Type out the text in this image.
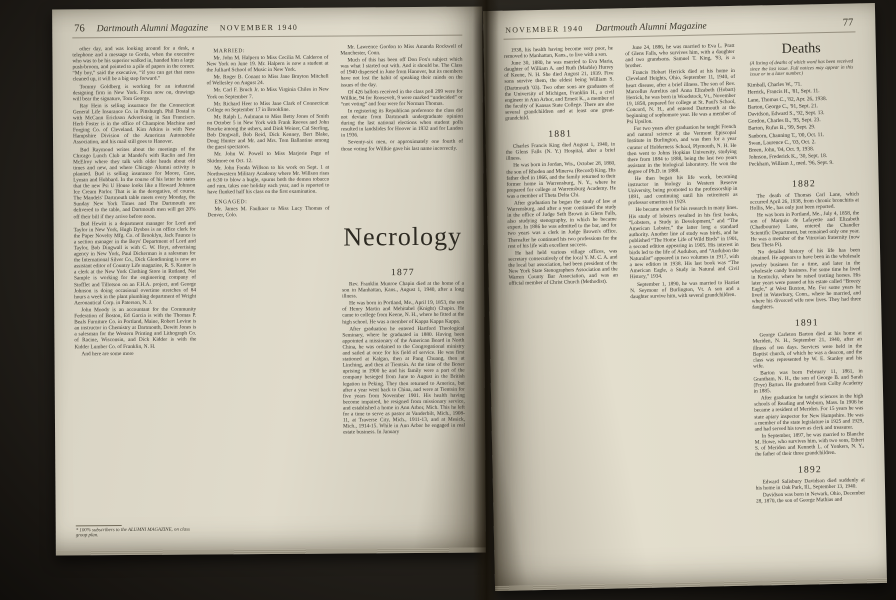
76 Dartmouth Alumni Magazine NOVEMBER 1940

other day, and was looking around for a desk, a telephone and a message to Gorda, when the executive who was to be his superior walked in, handed him a large push-broom, and pointed to a pile of papers in the corner. “My boy,” said the executive, “if you can get that mess cleaned up, it will be a big step forward.”

Tommy Goldberg is working for an industrial designing firm in New York. From now on, drawings will bear the signature, Tom George.

Ray Hein is selling insurance for the Connecticut General Life Insurance Co. in Pittsburgh. Phil Dostal is with McCann Erickson Advertising in San Francisco. Herb Foster is in the office of Champion Machine and Forging Co. of Cleveland. Kim Atkins is with New Hampshire Division of the American Automobile Association, and his mail still goes to Hanover.

Bud Raymond writes about the meetings of the Chicago Lunch Club at Mandel's with Raclin and Jim McElroy where they talk with older heads about old times and new, and where Chicago Alumni activity is planned. Bud is selling insurance for Moore, Case, Lyman and Hubbard. In the course of his letter he states that the new Psi U House looks like a Howard Johnson Ice Cream Parlor. That is in the derogative, of course. The Mandels' Dartmouth table meets every Monday, the Sunday New York Times and The Dartmouth are delivered to the table, and Dartmouth men will get 20% off their bill if they arrive before noon.

Bud Hewitt is a department manager for Lord and Taylor in New York, Hugh Dysbos is an office clerk for the Paper Novelty Mfg. Co. of Brooklyn, Jack Faunce is a section manager in the Boys' Department of Lord and Taylor, Bob Dingwall is with C. W. Hoyt, advertising agency in New York, Paul Dickerman is a salesman for the International Silver Co., Dick Glendinning is now an assistant editor of Country Life magazine, R. S. Kantor is a clerk at the New York Clothing Store in Rutland, Nat Sample is working for the engineering company of Stofflet and Tillotson on an F.H.A. project, and George Johnson is doing occasional overtime stretches of 84 hours a week in the plant plumbing department of Wright Aeronautical Corp. in Paterson, N. J.

John Moody is an accountant for the Community Federation of Boston, Ed Garcia is with the Thomas P. Beals Furniture Co. in Portland, Maine, Robert Levine is an instructor in Chemistry at Dartmouth, Dewitt Jones is a salesman for the Western Printing and Lithograph Co. of Racine, Wisconsin, and Dick Kidder is with the Kidder Lumber Co. of Franklin, N. H.

And here are some more

* 100% subscribers to the ALUMNI MAGAZINE, on class group plan.

MARRIED:

Mr. John M. Halpern to Miss Cecilia M. Calderon of New York on June 19. Mr. Halpern is now a student at the Julliard School of Music in New York.

Mr. Roger B. Conant to Miss Jane Brayton Mitchell of Wellesley on August 24.

Mr. Carl F. Bruch Jr. to Miss Virginia Chiles in New York on September 7.

Mr. Richard Heer to Miss Jane Clark of Connecticut College on September 17 in Brookline.

Mr. Ralph L. Aulmann to Miss Betty Jones of Smith on October 5 in New York with Frank Reeves and John Rourke among the ushers, and Dink Weiner, Cal Sterling, Bob Dingwall, Bob Reid, Dick Kenney, Bert Blake, Doug Hunter and Mr. and Mrs. Tom Ballantine among the guest spectators.

Mr. John W. Powell to Miss Marjorie Page of Skidmore on Oct. 12.

Mr. John Fonda Willson to his work on Sept. 1 at Northwestern Military Academy where Mr. Willson rises at 6:30 to blow a bugle, spurns both the demon tobacco and rum, takes one holiday each year, and is reported to have flunked half his class on the first examination.

ENGAGED:

Mr. James M. Faulkner to Miss Lucy Thomas of Denver, Colo.

Mr. Lawrence Gordon to Miss Amanda Rockwell of Manchester, Conn.

Much of this has been off Don Fox's subject which was what I started out with. And it should be. The Class of 1940 dispersed in June from Hanover, but its members have not lost the habit of speaking their minds on the issues of the day.

Of 426 ballots received in the class poll 299 were for Willkie, 94 for Roosevelt, 9 were marked “undecided” or “not voting” and four were for Norman Thomas.

In registering its Republican preference the class did not deviate from Dartmouth undergraduate opinion during the last national elections when student polls resulted in landslides for Hoover in 1932 and for Landon in 1936.

Seventy-six men, or approximately one fourth of those voting for Willkie gave his last name incorrectly.

Necrology
1877

Rev. Franklin Munroe Chapin died at the home of a son in Manhattan, Kans., August 1, 1940, after a long illness.

He was born in Portland, Me., April 19, 1853, the son of Henry Martin and Mehitabel (Knight) Chapin. He came to college from Keene, N. H., where he fitted at the high school. He was a member of Kappa Kappa Kappa.

After graduation he entered Hartford Theological Seminary, where he graduated in 1880. Having been appointed a missionary of the American Board in North China, he was ordained to the Congregational ministry and sailed at once for his field of service. He was first stationed at Kalgan, then at Pang Chuang, then at Linching, and then at Tientsin. At the time of the Boxer uprising in 1900 he and his family were a part of the company besieged from June to August in the British legation in Peking. They then returned to America, but after a year went back to China, and were at Tientsin for five years from November 1901. His health having become impaired, he resigned from missionary service, and established a home in Ann Arbor, Mich. This he left for a time to serve as pastor at Vanderbilt, Mich., 1908-11, at Traverse City, Mich., 1911-13, and at Mesick, Mich., 1914-15. While in Ann Arbor he engaged in real estate business. In January

NOVEMBER 1940 Dartmouth Alumni Magazine	77

1938, his health having become very poor, he removed to Manhattan, Kans., to live with a son.

June 30, 1880, he was married to Eva Maria, daughter of William A. and Ruth (Marble) Hurrey of Keene, N. H. She died August 21, 1939. Five sons survive them, the eldest being William S. (Dartmouth '03). Two other sons are graduates of the University of Michigan, Franklin H., a civil engineer in Ann Arbor, and Ernest K., a member of the faculty of Kansas State College. There are also several grandchildren and at least one great-grandchild.

1881

Charles Francis King died August 1, 1940, in the Glens Falls (N. Y.) Hospital, after a brief illness.

He was born in Jordan, Wis., October 28, 1860, the son of Rhoden and Minerva (Record) King. His father died in 1866, and the family returned to their former home in Warrensburg, N. Y., where he prepared for college at Warrensburg Academy. He was a member of Theta Delta Chi.

After graduation he began the study of law at Warrensburg, and after a year continued the study in the office of Judge Seth Brown in Glens Falls, also studying stenography, in which he became expert. In 1886 he was admitted to the bar, and for two years was a clerk in Judge Brown's office. Thereafter he continued his two professions for the rest of his life with excellent success.

He had held various village offices, was secretary consecutively of the local Y. M. C. A. and the local bar association, had been president of the New York State Stenographers Association and the Warren County Bar Association, and was an official member of Christ Church (Methodist).

June 24, 1886, he was married to Eva L. Pratt of Glens Falls, who survives him, with a daughter and two grandsons. Samuel T. King, '93, is a brother.

Francis Hobart Herrick died at his home in Cleveland Heights, Ohio, September 11, 1940, of heart disease, after a brief illness. The son of Rev. Marcellus Aurelius and Anna Elizabeth (Hobart) Herrick, he was born in Woodstock, Vt., November 19, 1858, prepared for college at St. Paul's School, Concord, N. H., and entered Dartmouth at the beginning of sophomore year. He was a member of Psi Upsilon.

For two years after graduation he taught French and natural science at the Vermont Episcopal Institute in Burlington, and was then for a year curator of Holderness School, Plymouth, N. H. He then went to Johns Hopkins University, studying there from 1884 to 1888, being the last two years assistant in the biological laboratory. He won the degree of Ph.D. in 1888.

He then began his life work, becoming instructor in biology in Western Reserve University, being promoted to the professorship in 1891, and continuing until his retirement as professor emeritus in 1929.

He became noted for his research in many lines. His study of lobsters resulted in his first books, “Lobsters, a Study in Development,” and “The American Lobster,” the latter long a standard authority. Another line of study was birds, and he published “The Home Life of Wild Birds” in 1901, a second edition appearing in 1905. His interest in birds led to the life of Audubon, and “Audubon the Naturalist” appeared in two volumes in 1917, with a new edition in 1938. His last book was “The American Eagle, a Study in Natural and Civil History,” 1934.

September 1, 1890, he was married to Harriet N. Seymour of Burlington, Vt. A son and a daughter survive him, with several grandchildren.

Deaths

(A listing of deaths of which word has been received since the last issue. Full notices may appear in this issue or in a later number.)

Kimball, Charles W., '71.
Herrick, Francis H., '81, Sept. 11.
Lane, Thomas C., '82, Apr. 26, 1938.
Barton, George C., '91, Sept. 21.
Davidson, Edward S., '92, Sept. 13.
Gordon, Charles B., '95, Sept. 23.
Barton, Rufus B., '99, Sept. 29.
Sanborn, Channing T., '00, Oct. 11.
Swan, Laurence C., '03, Oct. 2.
Breen, John, '04, Oct. 9, 1938.
Johnson, Frederick K., '30, Sept. 18.
Peckham, William J., med. '96, Sept. 9.
1882

The death of Thomas Carl Lane, which occurred April 26, 1938, from chronic bronchitis at Hollis, Me., has only just been reported.

He was born in Portland, Me., July 4, 1858, the son of Marquis de Lafayette and Elizabeth (Chadbourne) Lane, entered the Chandler Scientific Department, but remained only one year. He was a member of the Vitruvian fraternity (now Beta Theta Pi).

No detailed history of his life has been obtained. He appears to have been in the wholesale jewelry business for a time, and later in the wholesale candy business. For some time he lived in Kentucky, where he raised trotting horses. His later years were passed at his estate called “Breezy Eagle,” at West Buxton, Me. For some years he lived in Waterbury, Conn., where he married, and where his divorced wife now lives. They had three daughters.

1891

George Carleton Barton died at his home at Meriden, N. H., September 21, 1940, after an illness of ten days. Services were held in the Baptist church, of which he was a deacon, and the class was represented by W. E. Stanley and his wife.

Barton was born February 11, 1861, in Grantham, N. H., the son of George B. and Sarah (Frye) Barton. He graduated from Colby Academy in 1885.

After graduation he taught sciences in the high schools of Reading and Woburn, Mass. In 1906 he became a resident of Meriden. For 15 years he was state apiary inspector for New Hampshire. He was a member of the state legislature in 1925 and 1929, and had served his town as clerk and treasurer.

In September, 1897, he was married to Blanche M. Howe, who survives him, with two sons, Ethert S. of Meriden and Kenneth L. of Yonkers, N. Y., the father of their three grandchildren.

1892

Edward Salisbury Davidson died suddenly at his home in Oak Park, Ill., September 13, 1940.

Davidson was born in Newark, Ohio, December 28, 1870, the son of George Mathias and
